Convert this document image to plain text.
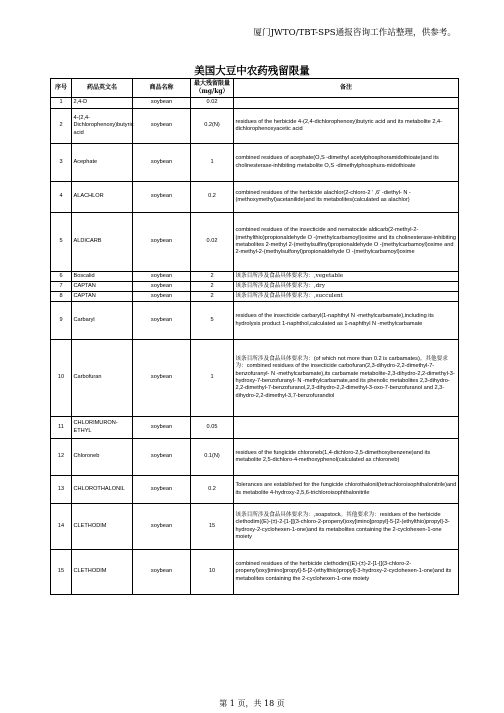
厦门JWTO/TBT-SPS通报咨询工作站整理，供参考。
美国大豆中农药残留限量
序号	药品英文名	商品名称	最大残留限量（mg/kg）	备注
1	2,4-D	soybean	0.02	
2	4-(2,4-Dichlorophenoxy)butyric acid	soybean	0.2(N)	residues of the herbicide 4-(2,4-dichlorophenoxy)butyric acid and its metabolite 2,4-dichlorophenoxyacetic acid
3	Acephate	soybean	1	combined residues of acephate(O,S -dimethyl acetylphosphoramidothioate)and its cholinesterase-inhibiting metabolite O,S -dimethylphosphura-midothioate
4	ALACHLOR	soybean	0.2	combined residues of the herbicide alachlor(2-chloro-2 ′ ,6′ -diethyl- N -(methoxymethyl)acetanilide)and its metabolites(calculated as alachlor)
5	ALDICARB	soybean	0.02	combined residues of the insecticide and nematocide aldicarb(2-methyl-2-(methylthio)propionaldehyde O -(methylcarbamoyl)oxime and its cholinesterase-inhibiting metabolites 2-methyl 2-(methylsulfinyl)propionaldehyde O -(methylcarbamoyl)oxime and 2-methyl-2-(methylsulfonyl)propionaldehyde O -(methylcarbamoyl)oxime
6	Boscalid	soybean	2	该条目所涉及食品具体要求为：,vegetable
7	CAPTAN	soybean	2	该条目所涉及食品具体要求为：,dry
8	CAPTAN	soybean	2	该条目所涉及食品具体要求为：,succulent
9	Carbaryl	soybean	5	residues of the insecticide carbaryl(1-naphthyl N -methylcarbamate),including its hydrolysis product 1-naphthol,calculated as 1-naphthyl N -methylcarbamate
10	Carbofuran	soybean	1	该条目所涉及食品具体要求为：(of which not more than 0.2 is carbamates)。其他要求为：combined residues of the insecticide carbofuran(2,3-dihydro-2,2-dimethyl-7-benzofuranyl- N -methylcarbamate),its carbamate metabolite-2,3-dihydro-2,2-dimethyl-3-hydroxy-7-benzofuranyl- N -methylcarbamate,and its phenolic metabolites 2,3-dihydro-2,2-dimethyl-7-benzofuranol,2,3-dihydro-2,2-dimethyl-3-oxo-7-benzofuranol and 2,3-dihydro-2,2-dimethyl-3,7-benzofurandiol
11	CHLORIMURON-ETHYL	soybean	0.05	
12	Chloroneb	soybean	0.1(N)	residues of the fungicide chloroneb(1,4-dichloro-2,5-dimethoxybenzene)and its metabolite 2,5-dichloro-4-methoxyphenol(calculated as chloroneb)
13	CHLOROTHALONIL	soybean	0.2	Tolerances are established for the fungicide chlorothalonil(tetrachloroisophthalonitrile)and its metabolite 4-hydroxy-2,5,6-trichloroisophthalonitrile
14	CLETHODIM	soybean	15	该条目所涉及食品具体要求为：,soapstock。其他要求为：residues of the herbicide clethodim((E)-(±)-2-[1-[[(3-chloro-2-propenyl)oxy]imino]propyl]-5-[2-(ethylthio)propyl]-3-hydroxy-2-cyclohexen-1-one)and its metabolites containing the 2-cyclohexen-1-one moiety
15	CLETHODIM	soybean	10	combined residues of the herbicide clethodim((E)-(±)-2-[1-[[(3-chloro-2-propenyl)oxy]imino]propyl]-5-[2-(ethylthio)propyl]-3-hydroxy-2-cyclohexen-1-one)and its metabolites containing the 2-cyclohexen-1-one moiety
第 1 页，共 18 页
